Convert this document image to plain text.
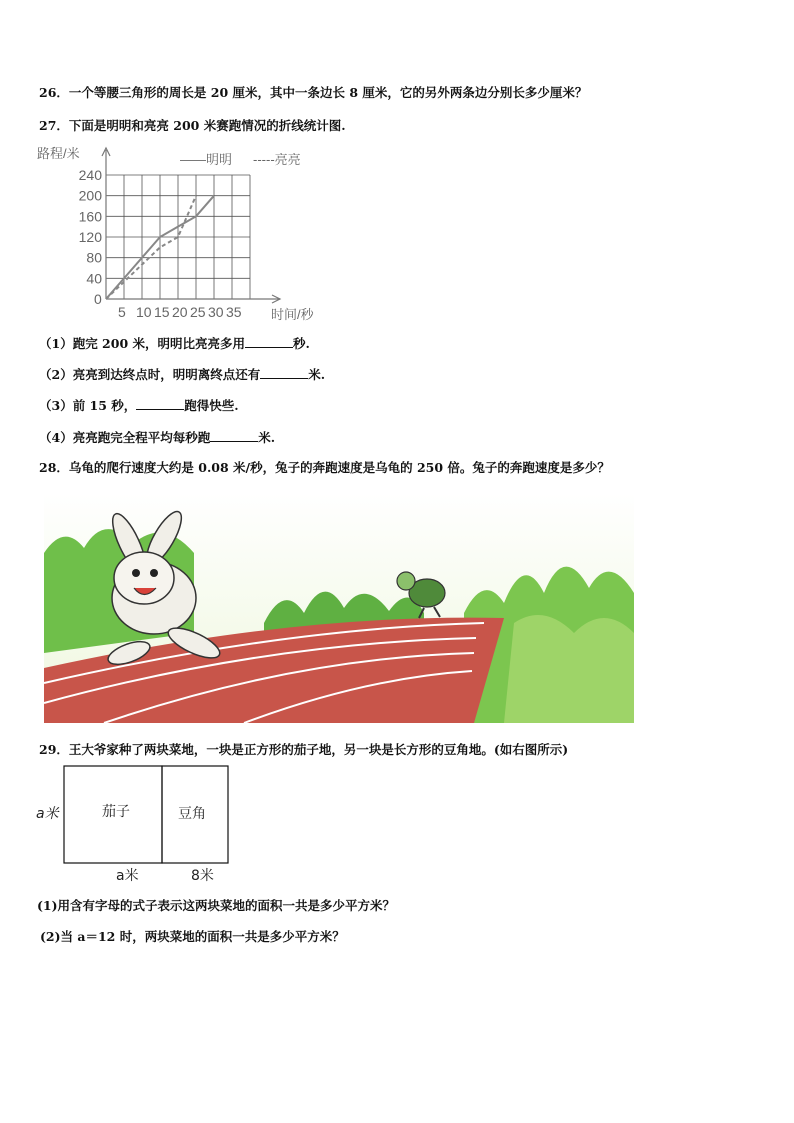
26．一个等腰三角形的周长是 20 厘米，其中一条边长 8 厘米，它的另外两条边分别长多少厘米？
27．下面是明明和亮亮 200 米赛跑情况的折线统计图.
0
5 10 15 20 25 30 35
40
80
120
160
200
240
路程/米
时间/秒
——明明 -----亮亮
（1）跑完 200 米，明明比亮亮多用	秒.
（2）亮亮到达终点时，明明离终点还有	米.
（3）前 15 秒，	跑得快些.
（4）亮亮跑完全程平均每秒跑	米.
28．乌龟的爬行速度大约是 0.08 米/秒，兔子的奔跑速度是乌龟的 250 倍。兔子的奔跑速度是多少？
29．王大爷家种了两块菜地，一块是正方形的茄子地，另一块是长方形的豆角地。(如右图所示)
茄子	豆角
a米
a米	8米
(1)用含有字母的式子表示这两块菜地的面积一共是多少平方米？
(2)当 a＝12 时，两块菜地的面积一共是多少平方米？
